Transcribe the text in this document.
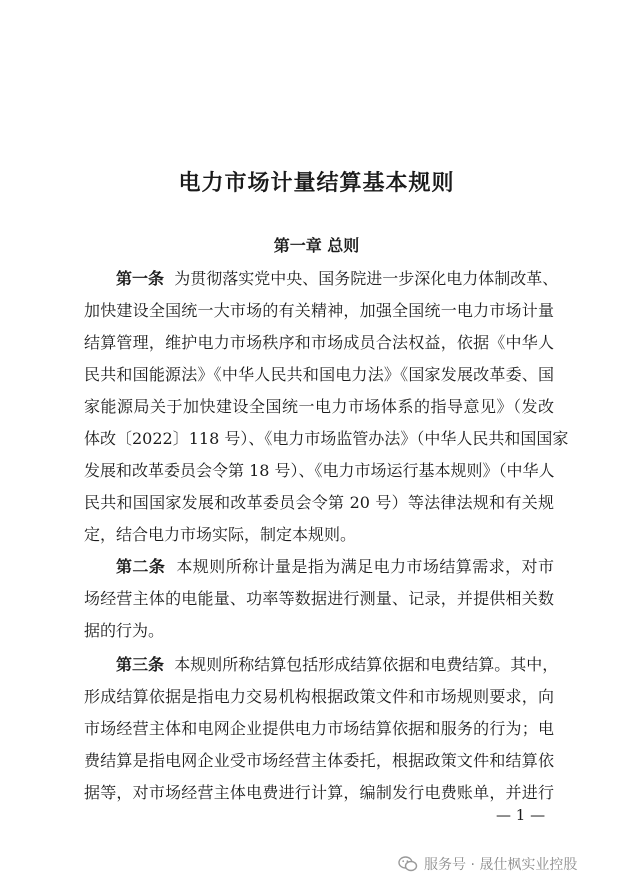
电力市场计量结算基本规则
第一章 总则
第一条 为贯彻落实党中央、国务院进一步深化电力体制改革、
加快建设全国统一大市场的有关精神，加强全国统一电力市场计量
结算管理，维护电力市场秩序和市场成员合法权益，依据《中华人
民共和国能源法》《中华人民共和国电力法》《国家发展改革委、国
家能源局关于加快建设全国统一电力市场体系的指导意见》（发改
体改〔2022〕118 号）、《电力市场监管办法》（中华人民共和国国家
发展和改革委员会令第 18 号）、《电力市场运行基本规则》（中华人
民共和国国家发展和改革委员会令第 20 号）等法律法规和有关规
定，结合电力市场实际，制定本规则。
第二条 本规则所称计量是指为满足电力市场结算需求，对市
场经营主体的电能量、功率等数据进行测量、记录，并提供相关数
据的行为。
第三条 本规则所称结算包括形成结算依据和电费结算。其中，
形成结算依据是指电力交易机构根据政策文件和市场规则要求，向
市场经营主体和电网企业提供电力市场结算依据和服务的行为；电
费结算是指电网企业受市场经营主体委托，根据政策文件和结算依
据等，对市场经营主体电费进行计算，编制发行电费账单，并进行
— 1 —
服务号 · 晟仕枫实业控股
